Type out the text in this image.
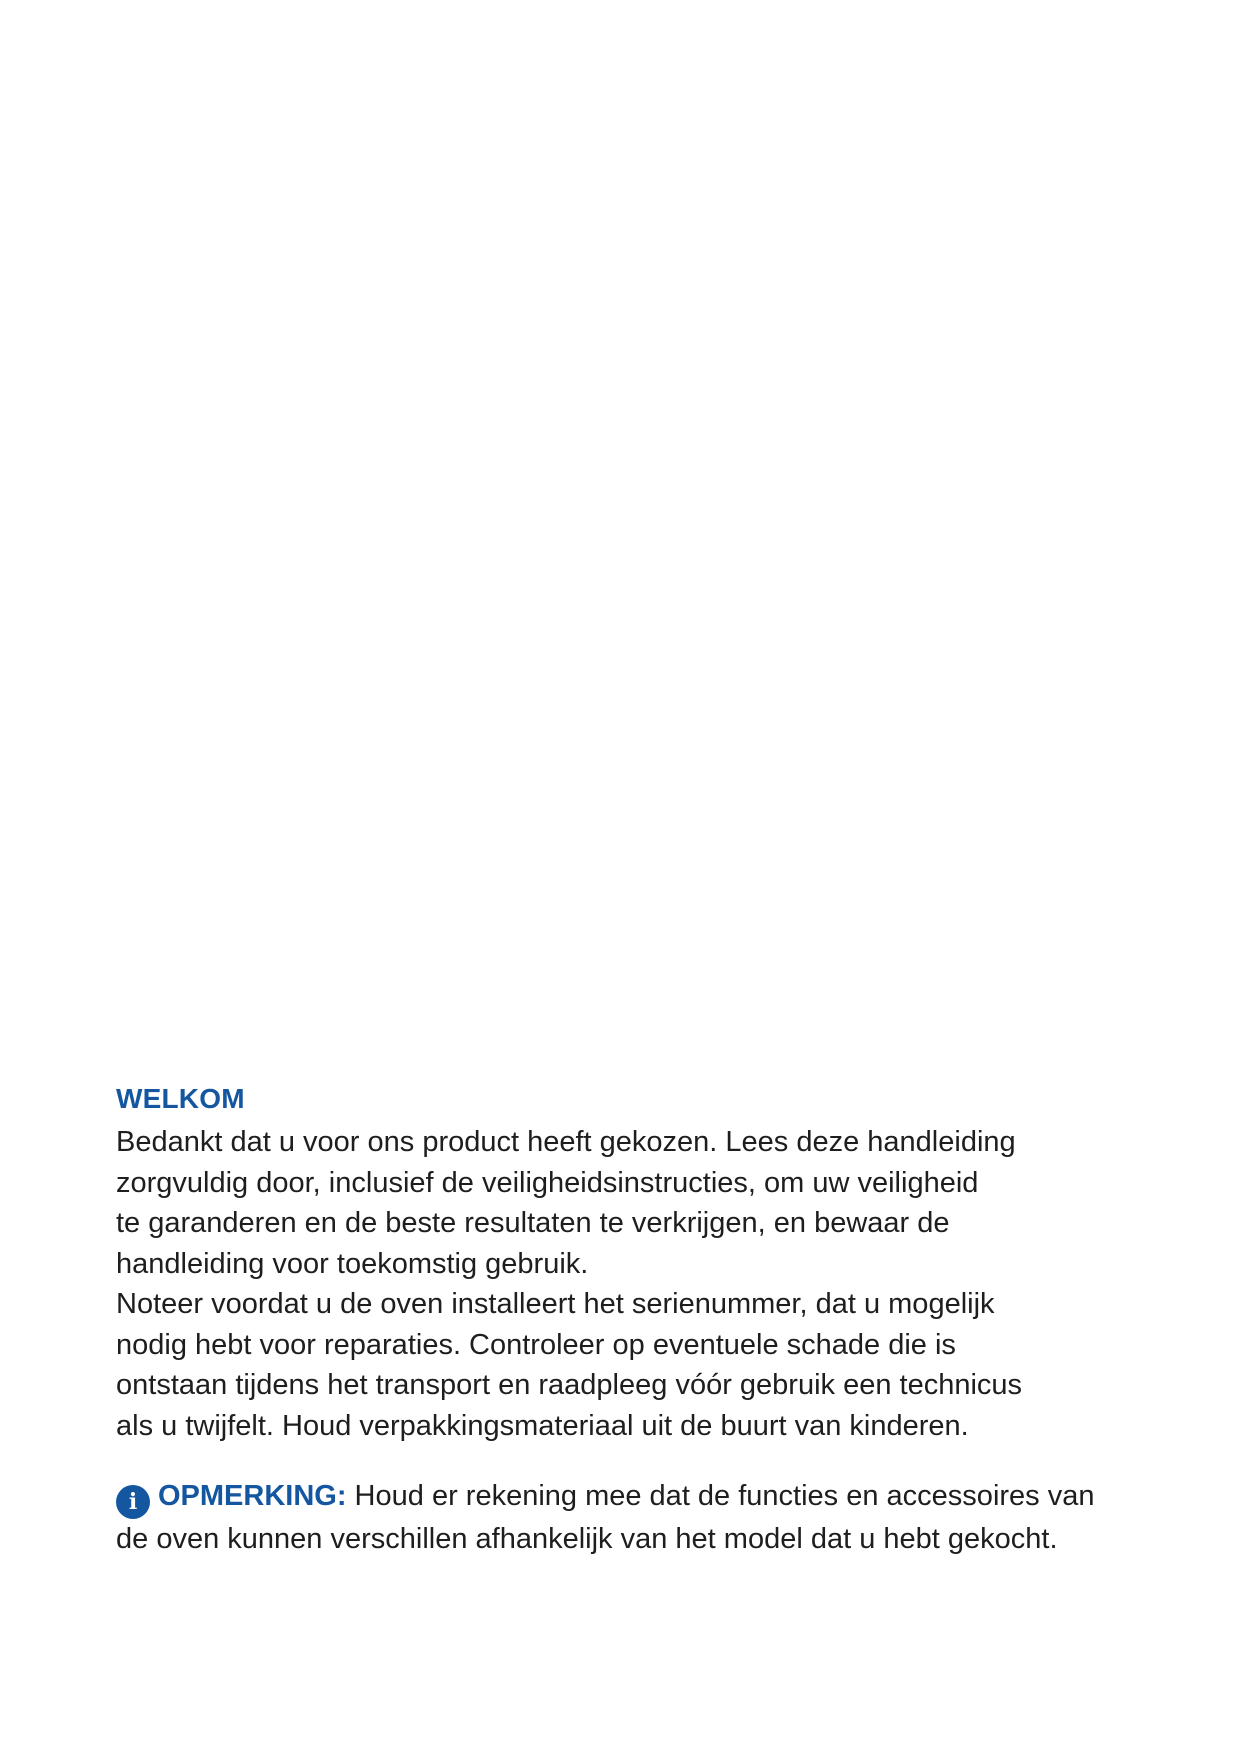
WELKOM

Bedankt dat u voor ons product heeft gekozen. Lees deze handleiding
zorgvuldig door, inclusief de veiligheidsinstructies, om uw veiligheid
te garanderen en de beste resultaten te verkrijgen, en bewaar de
handleiding voor toekomstig gebruik.

Noteer voordat u de oven installeert het serienummer, dat u mogelijk
nodig hebt voor reparaties. Controleer op eventuele schade die is
ontstaan tijdens het transport en raadpleeg vóór gebruik een technicus
als u twijfelt. Houd verpakkingsmateriaal uit de buurt van kinderen.

i OPMERKING: Houd er rekening mee dat de functies en accessoires van
de oven kunnen verschillen afhankelijk van het model dat u hebt gekocht.
